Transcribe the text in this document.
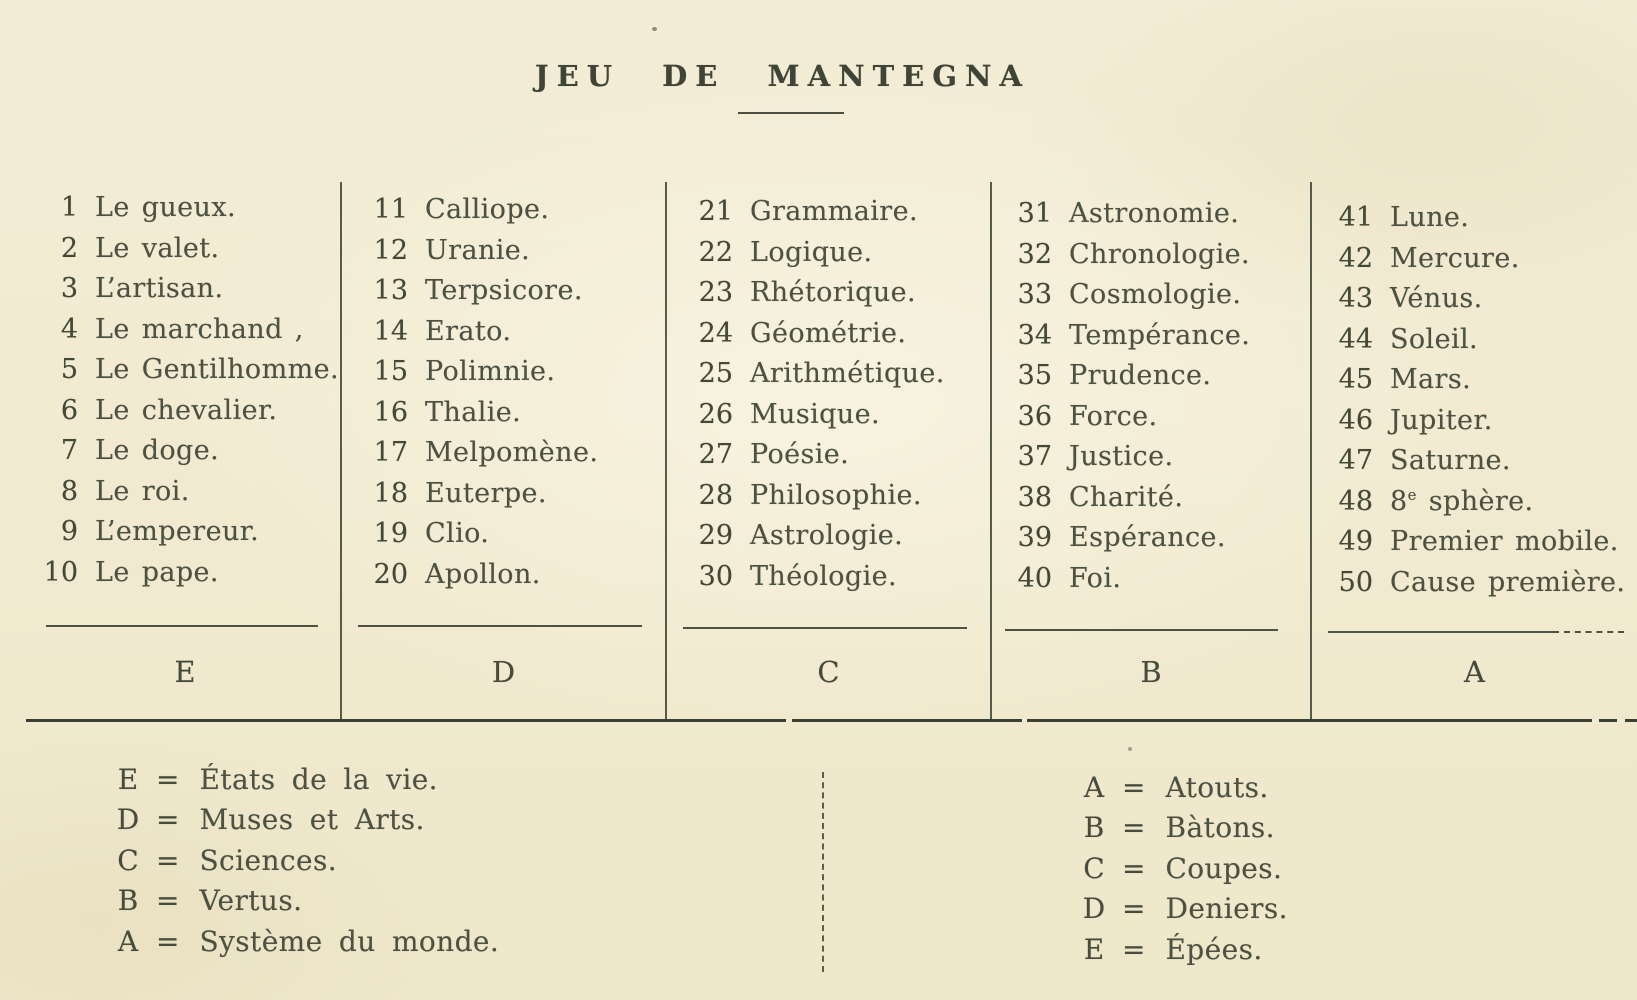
JEU DE MANTEGNA
1 Le gueux.
2 Le valet.
3 L’artisan.
4 Le marchand ,
5 Le Gentilhomme.
6 Le chevalier.
7 Le doge.
8 Le roi.
9 L’empereur.
10 Le pape.
E
11 Calliope.
12 Uranie.
13 Terpsicore.
14 Erato.
15 Polimnie.
16 Thalie.
17 Melpomène.
18 Euterpe.
19 Clio.
20 Apollon.
D
21 Grammaire.
22 Logique.
23 Rhétorique.
24 Géométrie.
25 Arithmétique.
26 Musique.
27 Poésie.
28 Philosophie.
29 Astrologie.
30 Théologie.
C
31 Astronomie.
32 Chronologie.
33 Cosmologie.
34 Tempérance.
35 Prudence.
36 Force.
37 Justice.
38 Charité.
39 Espérance.
40 Foi.
B
41 Lune.
42 Mercure.
43 Vénus.
44 Soleil.
45 Mars.
46 Jupiter.
47 Saturne.
48 8e sphère.
49 Premier mobile.
50 Cause première.
A
E = États de la vie.
D = Muses et Arts.
C = Sciences.
B = Vertus.
A = Système du monde.
A = Atouts.
B = Bàtons.
C = Coupes.
D = Deniers.
E = Épées.
